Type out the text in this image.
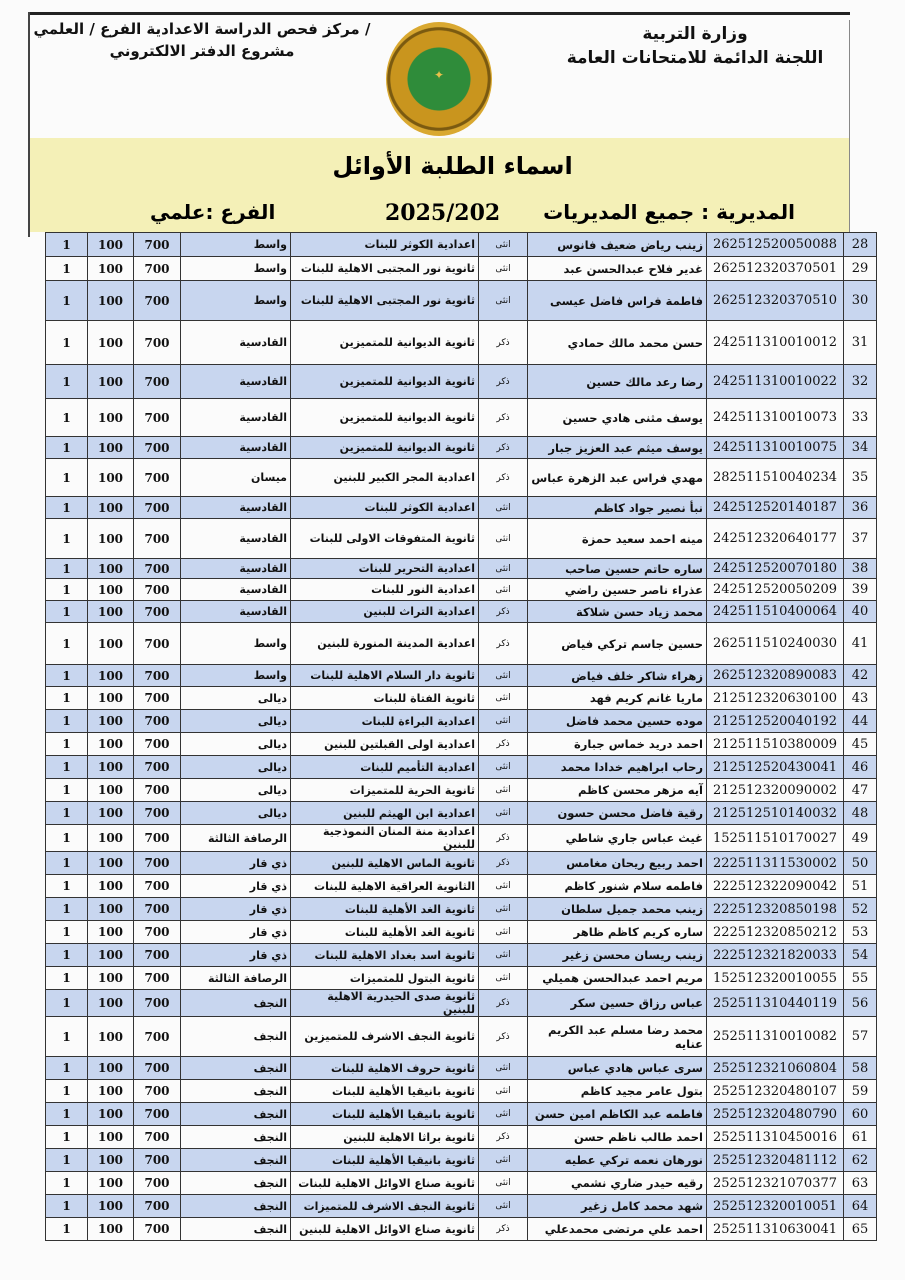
وزارة التربية
اللجنة الدائمة للامتحانات العامة
/ مركز فحص الدراسة الاعدادية الفرع / العلمي
مشروع الدفتر الالكتروني
✦
اسماء الطلبة الأوائل
المديرية : جميع المديريات
2025/202
الفرع :علمي
28	262512520050088	زينب رياض ضعيف فانوس	انثى	اعدادية الكوثر للبنات	واسط	700	100	1
29	262512320370501	غدير فلاح عبدالحسن عبد	انثى	ثانوية نور المجتبى الاهلية للبنات	واسط	700	100	1
30	262512320370510	فاطمة فراس فاضل عيسى	انثى	ثانوية نور المجتبى الاهلية للبنات	واسط	700	100	1
31	242511310010012	حسن محمد مالك حمادي	ذكر	ثانوية الديوانية للمتميزين	القادسية	700	100	1
32	242511310010022	رضا رعد مالك حسين	ذكر	ثانوية الديوانية للمتميزين	القادسية	700	100	1
33	242511310010073	يوسف مثنى هادي حسين	ذكر	ثانوية الديوانية للمتميزين	القادسية	700	100	1
34	242511310010075	يوسف ميثم عبد العزيز جبار	ذكر	ثانوية الديوانية للمتميزين	القادسية	700	100	1
35	282511510040234	مهدي فراس عبد الزهرة عباس	ذكر	اعدادية المجر الكبير للبنين	ميسان	700	100	1
36	242512520140187	نبأ نصير جواد كاظم	انثى	اعدادية الكوثر للبنات	القادسية	700	100	1
37	242512320640177	مينه احمد سعيد حمزة	انثى	ثانوية المتفوقات الاولى للبنات	القادسية	700	100	1
38	242512520070180	ساره حاتم حسين صاحب	انثى	اعدادية التحرير للبنات	القادسية	700	100	1
39	242512520050209	عذراء ناصر حسين راضي	انثى	اعدادية النور للبنات	القادسية	700	100	1
40	242511510400064	محمد زياد حسن شلاكة	ذكر	اعدادية التراث للبنين	القادسية	700	100	1
41	262511510240030	حسين جاسم تركي فياض	ذكر	اعدادية المدينة المنورة للبنين	واسط	700	100	1
42	262512320890083	زهراء شاكر خلف فياض	انثى	ثانوية دار السلام الاهلية للبنات	واسط	700	100	1
43	212512320630100	ماريا غانم كريم فهد	انثى	ثانوية الفتاة للبنات	ديالى	700	100	1
44	212512520040192	موده حسين محمد فاضل	انثى	اعدادية البراءة للبنات	ديالى	700	100	1
45	212511510380009	احمد دريد خماس جبارة	ذكر	اعدادية اولى القبلتين للبنين	ديالى	700	100	1
46	212512520430041	رحاب ابراهيم خدادا محمد	انثى	اعدادية التأميم للبنات	ديالى	700	100	1
47	212512320090002	آيه مزهر محسن كاظم	انثى	ثانوية الحرية للمتميزات	ديالى	700	100	1
48	212512510140032	رقية فاضل محسن حسون	انثى	اعدادية ابن الهيثم للبنين	ديالى	700	100	1
49	152511510170027	غيث عباس جاري شاطي	ذكر	اعدادية منة المنان النموذجية للبنين	الرصافة الثالثة	700	100	1
50	222511311530002	احمد ربيع ريحان مغامس	ذكر	ثانوية الماس الاهلية للبنين	ذي قار	700	100	1
51	222512322090042	فاطمه سلام شنور كاظم	انثى	الثانوية العراقية الاهلية للبنات	ذي قار	700	100	1
52	222512320850198	زينب محمد جميل سلطان	انثى	ثانوية الغد الأهلية للبنات	ذي قار	700	100	1
53	222512320850212	ساره كريم كاظم ظاهر	انثى	ثانوية الغد الأهلية للبنات	ذي قار	700	100	1
54	222512321820033	زينب ريسان محسن زغير	انثى	ثانوية اسد بغداد الاهلية للبنات	ذي قار	700	100	1
55	152512320010055	مريم احمد عبدالحسن هميلي	انثى	ثانوية البتول للمتميزات	الرصافة الثالثة	700	100	1
56	252511310440119	عباس رزاق حسين سكر	ذكر	ثانوية صدى الحيدرية الاهلية للبنين	النجف	700	100	1
57	252511310010082	محمد رضا مسلم عبد الكريم عنايه	ذكر	ثانوية النجف الاشرف للمتميزين	النجف	700	100	1
58	252512321060804	سرى عباس هادي عباس	انثى	ثانوية حروف الاهلية للبنات	النجف	700	100	1
59	252512320480107	بتول عامر مجيد كاظم	انثى	ثانوية بانيقيا الأهلية للبنات	النجف	700	100	1
60	252512320480790	فاطمه عبد الكاظم امين حسن	انثى	ثانوية بانيقيا الأهلية للبنات	النجف	700	100	1
61	252511310450016	احمد طالب ناظم حسن	ذكر	ثانوية براثا الاهلية للبنين	النجف	700	100	1
62	252512320481112	نورهان نعمه تركي عطيه	انثى	ثانوية بانيقيا الأهلية للبنات	النجف	700	100	1
63	252512321070377	رقيه حيدر ضاري نشمي	انثى	ثانوية صناع الاوائل الاهلية للبنات	النجف	700	100	1
64	252512320010051	شهد محمد كامل زغير	انثى	ثانوية النجف الاشرف للمتميزات	النجف	700	100	1
65	252511310630041	احمد علي مرتضى محمدعلي	ذكر	ثانوية صناع الاوائل الاهلية للبنين	النجف	700	100	1
